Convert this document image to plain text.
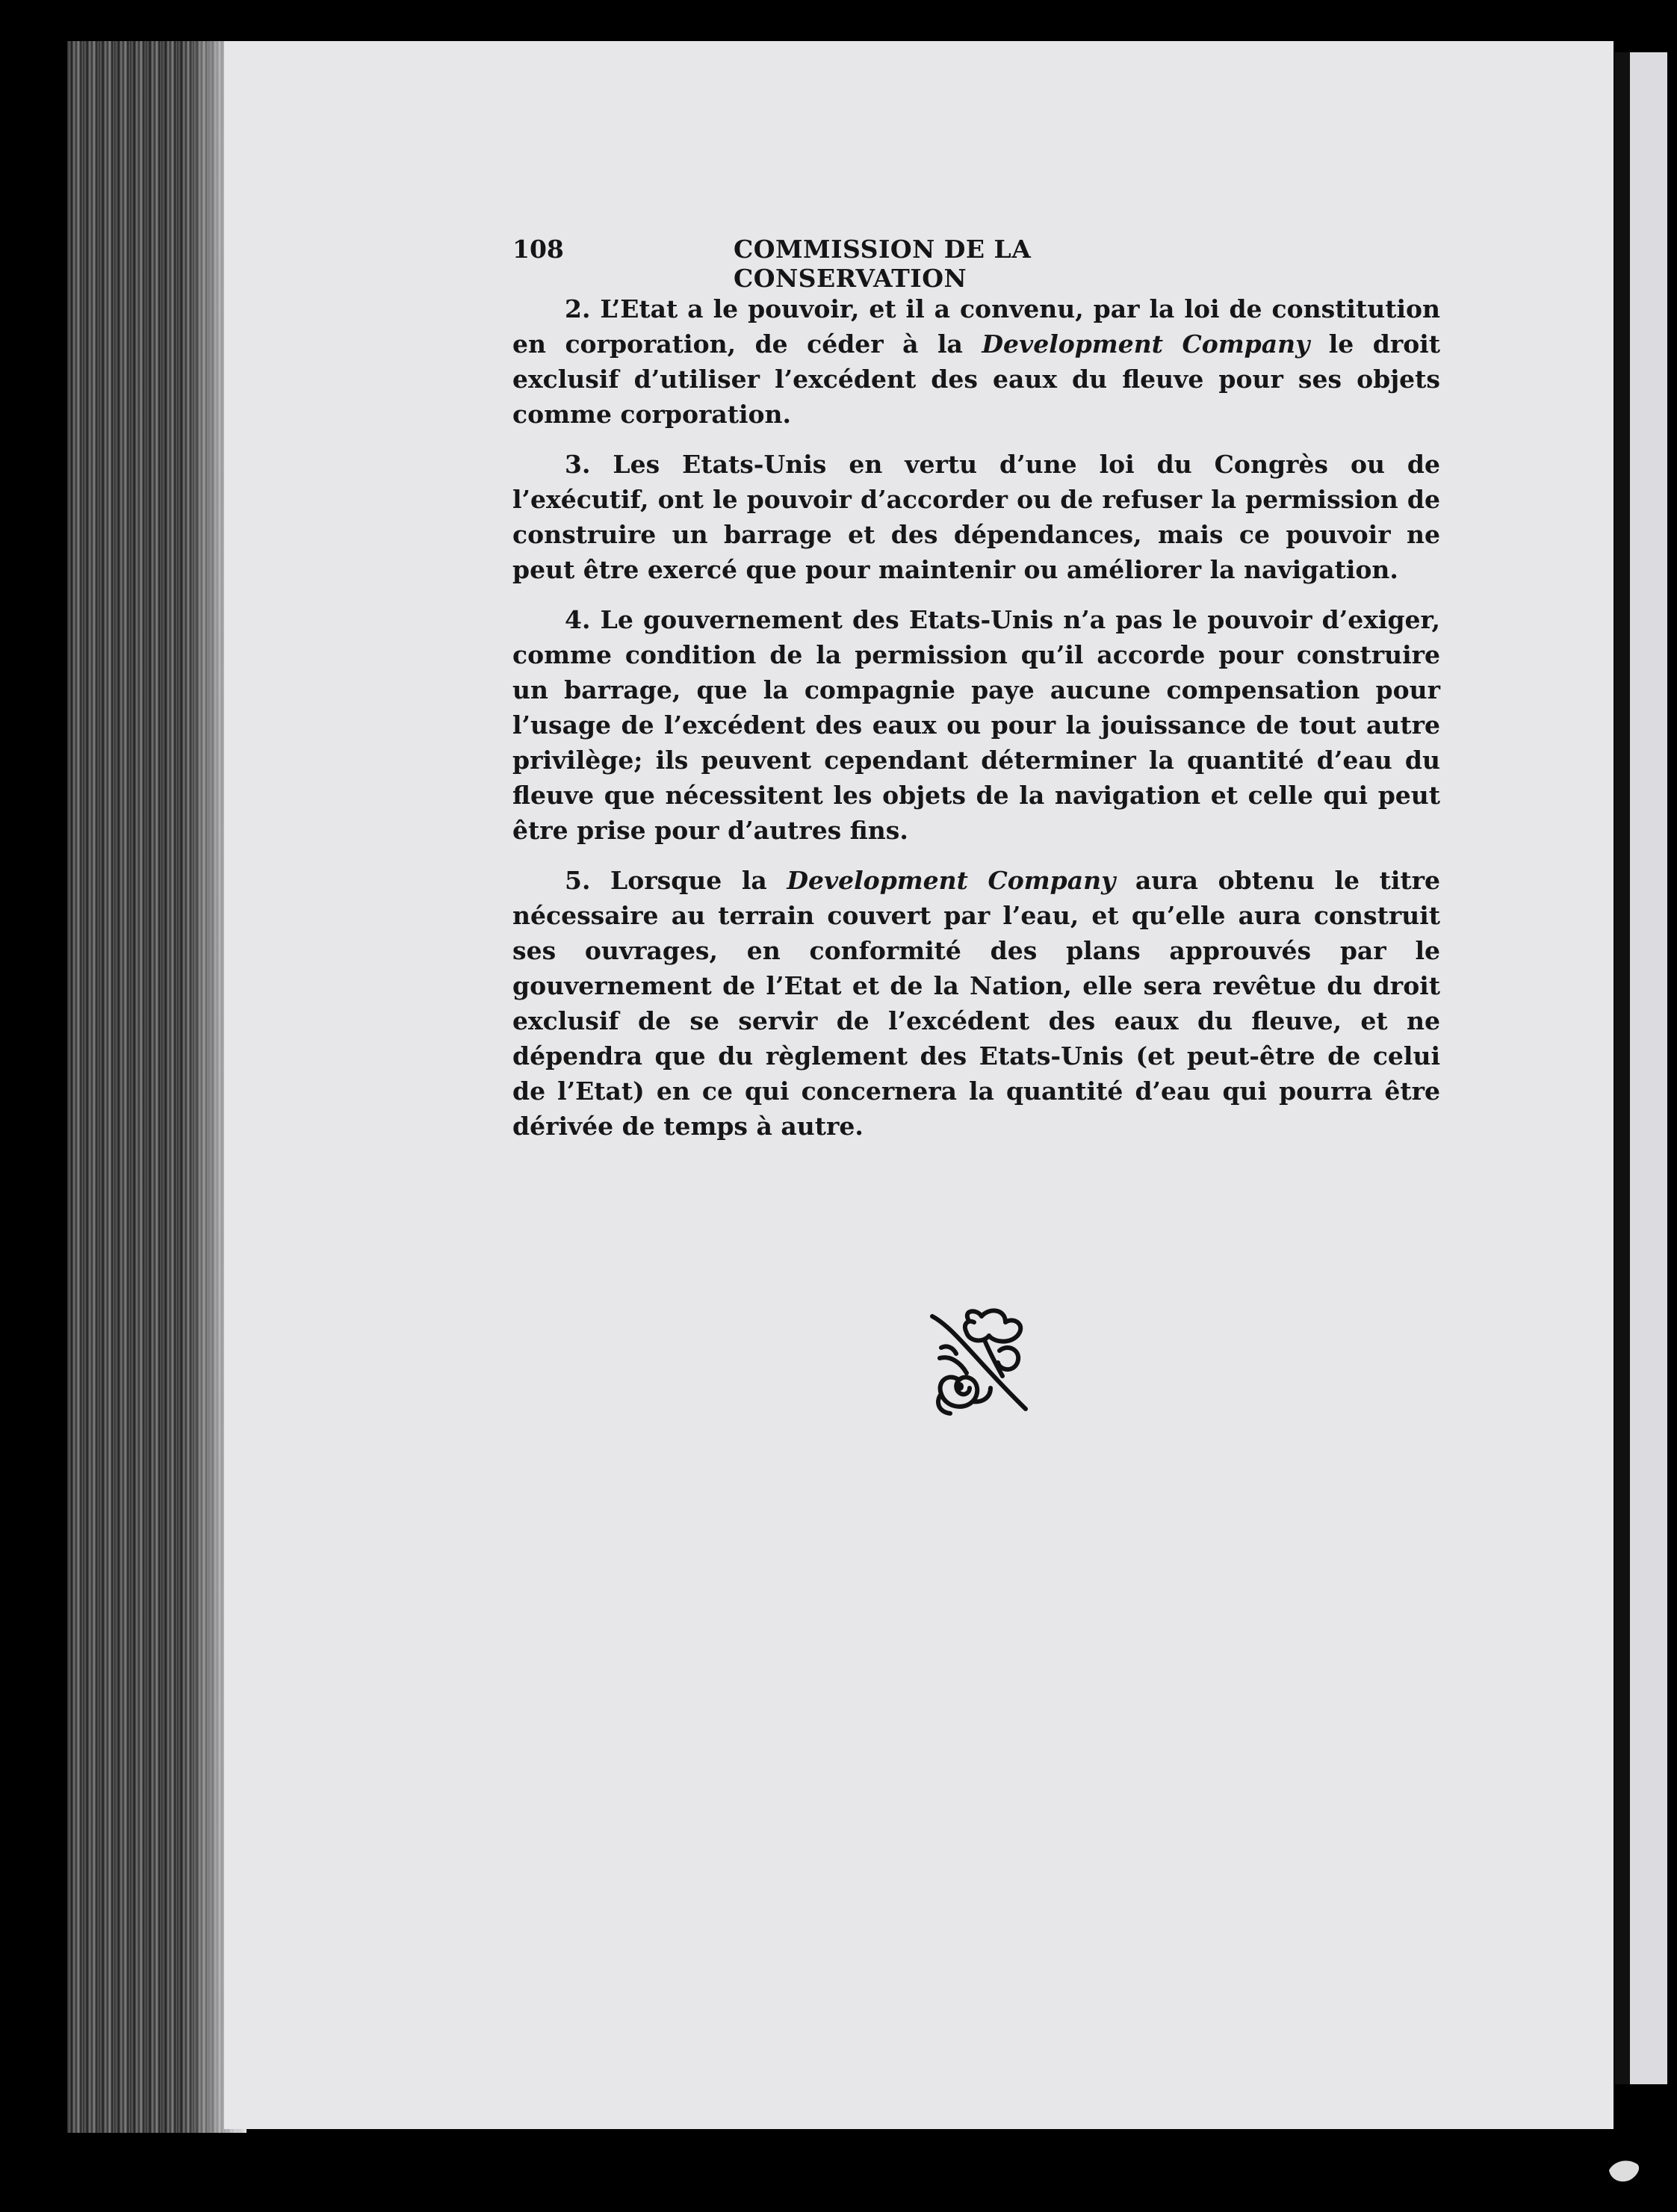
108	COMMISSION DE LA CONSERVATION

2. L’Etat a le pouvoir, et il a convenu, par la loi de constitution en corporation, de céder à la Development Company le droit exclusif d’utiliser l’excédent des eaux du fleuve pour ses objets comme corporation.

3. Les Etats-Unis en vertu d’une loi du Congrès ou de l’exécutif, ont le pouvoir d’accorder ou de refuser la permission de construire un barrage et des dépendances, mais ce pouvoir ne peut être exercé que pour maintenir ou améliorer la navigation.

4. Le gouvernement des Etats-Unis n’a pas le pouvoir d’exiger, comme condition de la permission qu’il accorde pour construire un barrage, que la compagnie paye aucune compensation pour l’usage de l’excédent des eaux ou pour la jouissance de tout autre privilège; ils peuvent cependant déterminer la quantité d’eau du fleuve que nécessitent les objets de la navigation et celle qui peut être prise pour d’autres fins.

5. Lorsque la Development Company aura obtenu le titre nécessaire au terrain couvert par l’eau, et qu’elle aura construit ses ouvrages, en conformité des plans approuvés par le gouvernement de l’Etat et de la Nation, elle sera revêtue du droit exclusif de se servir de l’excédent des eaux du fleuve, et ne dépendra que du règlement des Etats-Unis (et peut-être de celui de l’Etat) en ce qui concernera la quantité d’eau qui pourra être dérivée de temps à autre.
